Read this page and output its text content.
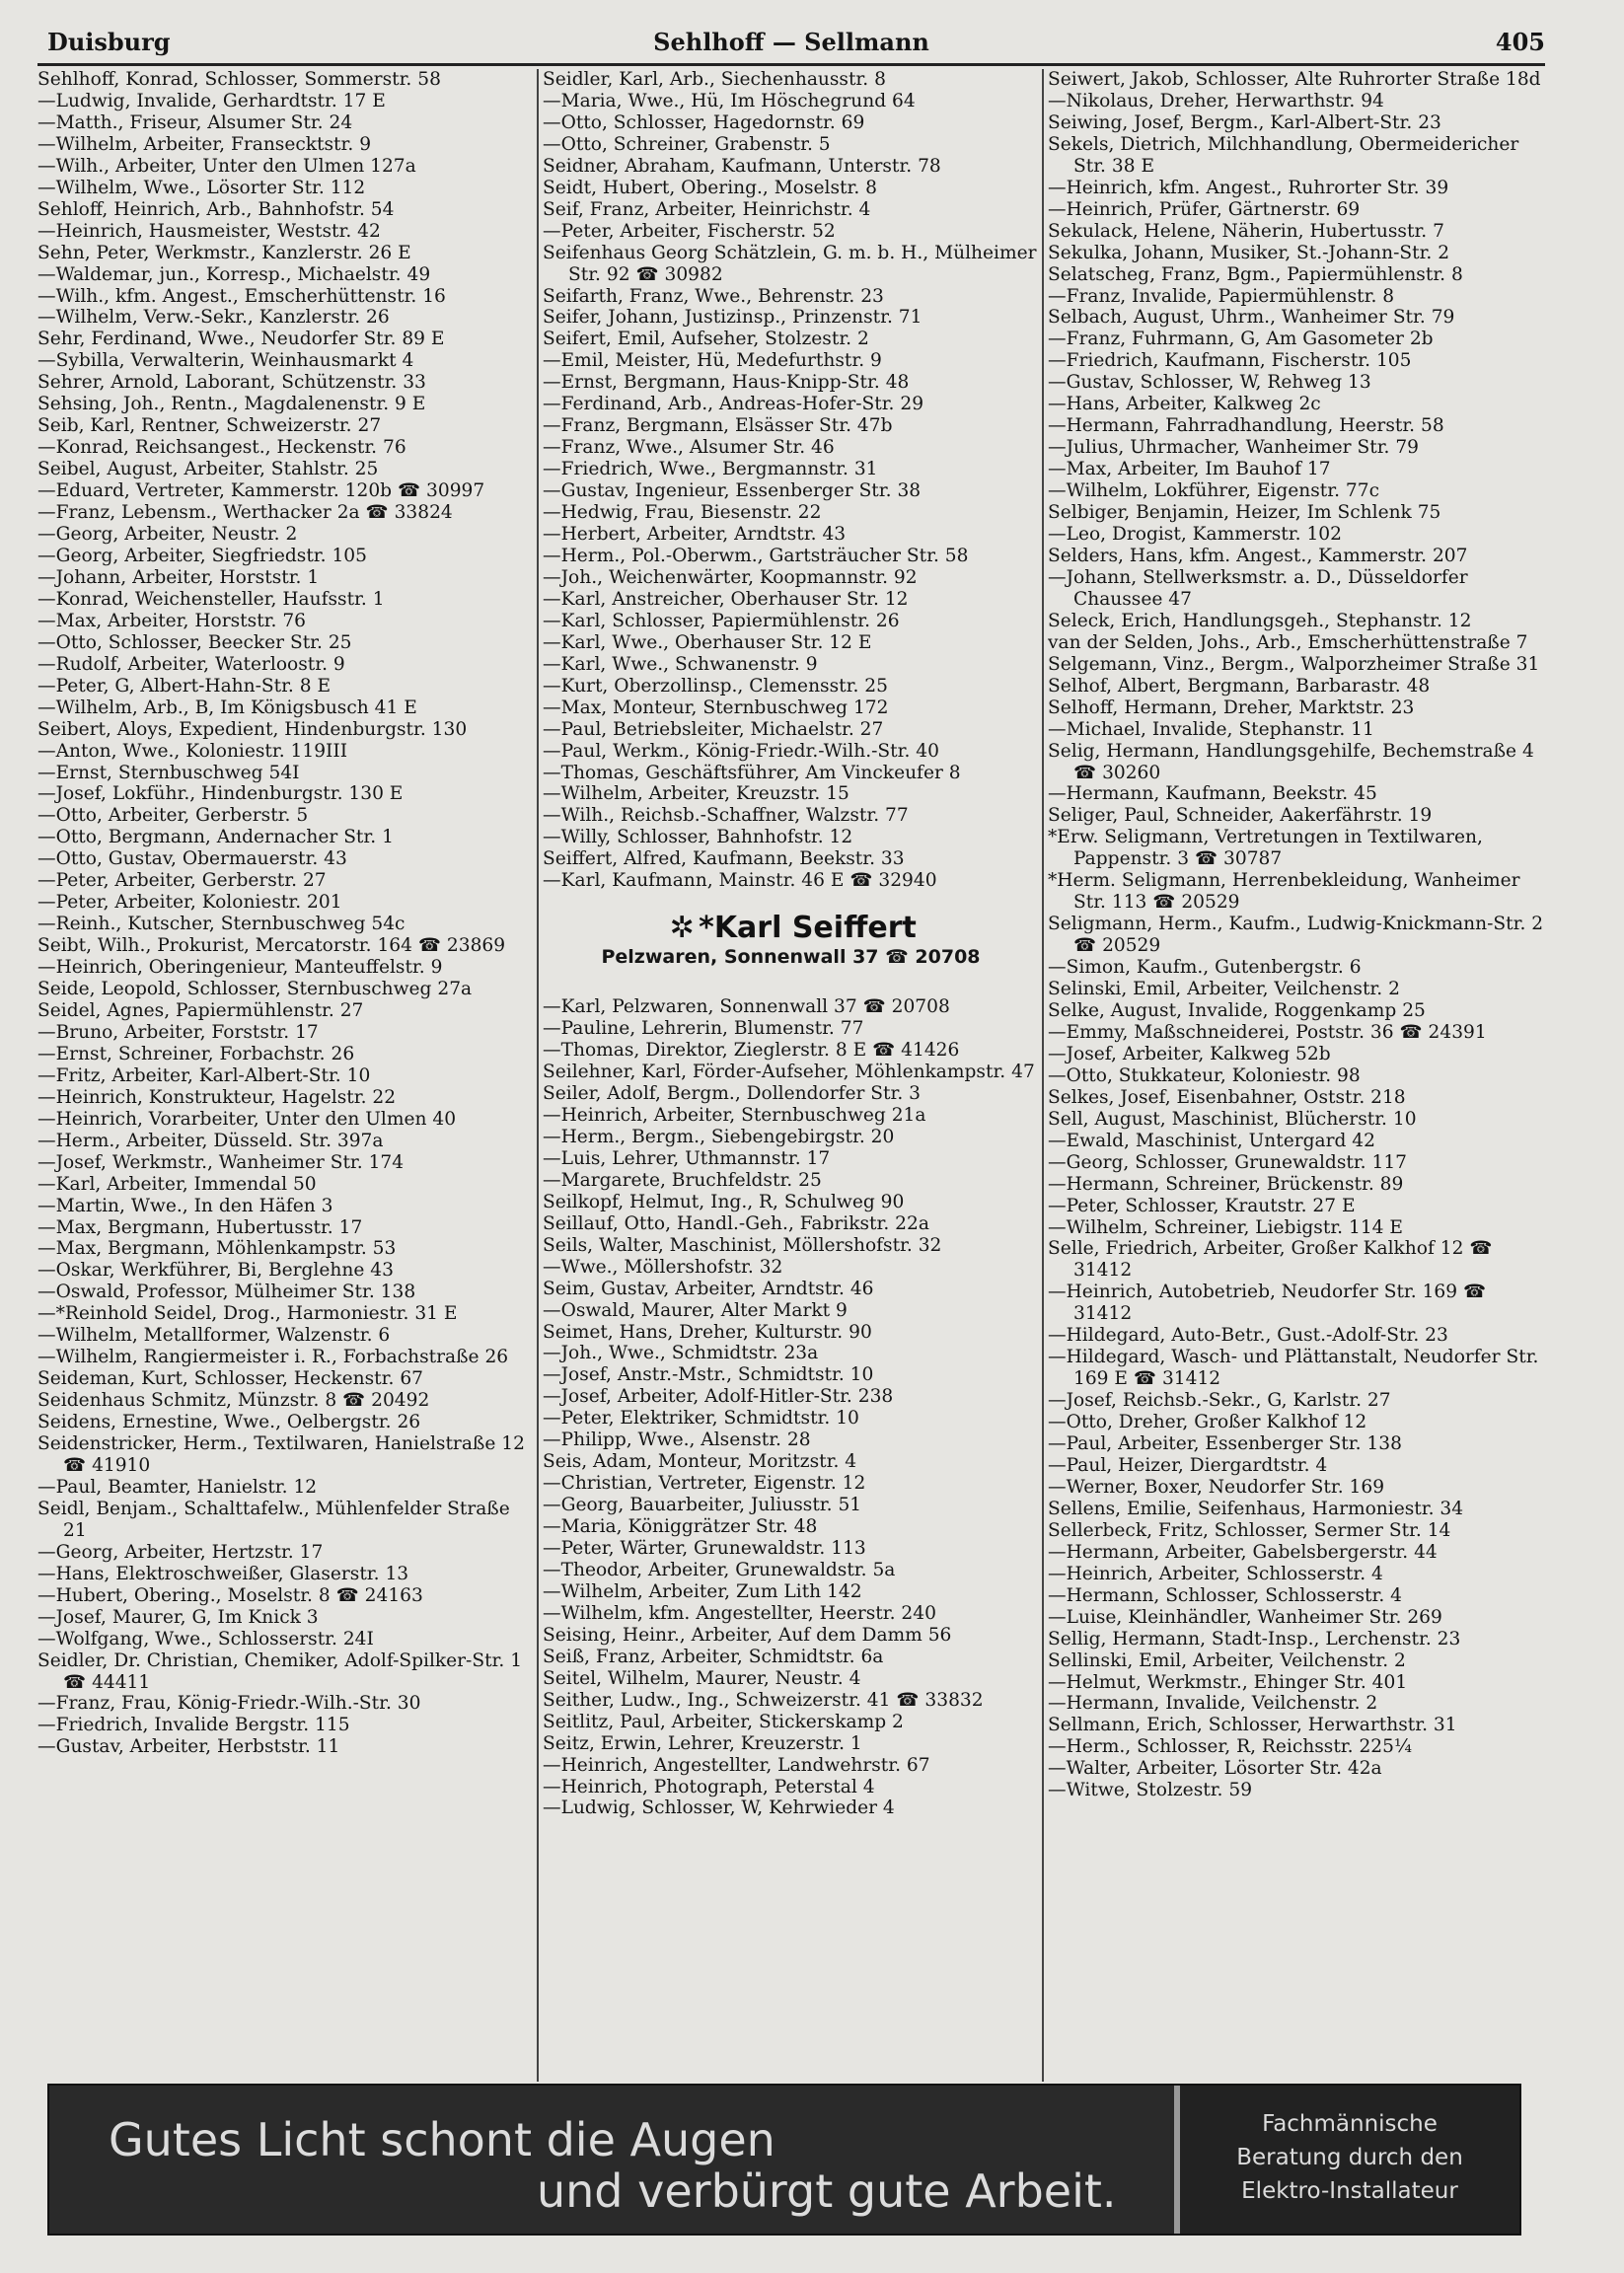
Duisburg	Sehlhoff — Sellmann	405

Sehlhoff, Konrad, Schlosser, Sommerstr. 58

—Ludwig, Invalide, Gerhardtstr. 17 E

—Matth., Friseur, Alsumer Str. 24

—Wilhelm, Arbeiter, Fransecktstr. 9

—Wilh., Arbeiter, Unter den Ulmen 127a

—Wilhelm, Wwe., Lösorter Str. 112

Sehloff, Heinrich, Arb., Bahnhofstr. 54

—Heinrich, Hausmeister, Weststr. 42

Sehn, Peter, Werkmstr., Kanzlerstr. 26 E

—Waldemar, jun., Korresp., Michaelstr. 49

—Wilh., kfm. Angest., Emscherhüttenstr. 16

—Wilhelm, Verw.-Sekr., Kanzlerstr. 26

Sehr, Ferdinand, Wwe., Neudorfer Str. 89 E

—Sybilla, Verwalterin, Weinhausmarkt 4

Sehrer, Arnold, Laborant, Schützenstr. 33

Sehsing, Joh., Rentn., Magdalenenstr. 9 E

Seib, Karl, Rentner, Schweizerstr. 27

—Konrad, Reichsangest., Heckenstr. 76

Seibel, August, Arbeiter, Stahlstr. 25

—Eduard, Vertreter, Kammerstr. 120b ☎ 30997

—Franz, Lebensm., Werthacker 2a ☎ 33824

—Georg, Arbeiter, Neustr. 2

—Georg, Arbeiter, Siegfriedstr. 105

—Johann, Arbeiter, Horststr. 1

—Konrad, Weichensteller, Haufsstr. 1

—Max, Arbeiter, Horststr. 76

—Otto, Schlosser, Beecker Str. 25

—Rudolf, Arbeiter, Waterloostr. 9

—Peter, G, Albert-Hahn-Str. 8 E

—Wilhelm, Arb., B, Im Königsbusch 41 E

Seibert, Aloys, Expedient, Hindenburgstr. 130

—Anton, Wwe., Koloniestr. 119III

—Ernst, Sternbuschweg 54I

—Josef, Lokführ., Hindenburgstr. 130 E

—Otto, Arbeiter, Gerberstr. 5

—Otto, Bergmann, Andernacher Str. 1

—Otto, Gustav, Obermauerstr. 43

—Peter, Arbeiter, Gerberstr. 27

—Peter, Arbeiter, Koloniestr. 201

—Reinh., Kutscher, Sternbuschweg 54c

Seibt, Wilh., Prokurist, Mercatorstr. 164 ☎ 23869

—Heinrich, Oberingenieur, Manteuffelstr. 9

Seide, Leopold, Schlosser, Sternbuschweg 27a

Seidel, Agnes, Papiermühlenstr. 27

—Bruno, Arbeiter, Forststr. 17

—Ernst, Schreiner, Forbachstr. 26

—Fritz, Arbeiter, Karl-Albert-Str. 10

—Heinrich, Konstrukteur, Hagelstr. 22

—Heinrich, Vorarbeiter, Unter den Ulmen 40

—Herm., Arbeiter, Düsseld. Str. 397a

—Josef, Werkmstr., Wanheimer Str. 174

—Karl, Arbeiter, Immendal 50

—Martin, Wwe., In den Häfen 3

—Max, Bergmann, Hubertusstr. 17

—Max, Bergmann, Möhlenkampstr. 53

—Oskar, Werkführer, Bi, Berglehne 43

—Oswald, Professor, Mülheimer Str. 138

—*Reinhold Seidel, Drog., Harmoniestr. 31 E

—Wilhelm, Metallformer, Walzenstr. 6

—Wilhelm, Rangiermeister i. R., Forbachstraße 26

Seideman, Kurt, Schlosser, Heckenstr. 67

Seidenhaus Schmitz, Münzstr. 8 ☎ 20492

Seidens, Ernestine, Wwe., Oelbergstr. 26

Seidenstricker, Herm., Textilwaren, Hanielstraße 12 ☎ 41910

—Paul, Beamter, Hanielstr. 12

Seidl, Benjam., Schalttafelw., Mühlenfelder Straße 21

—Georg, Arbeiter, Hertzstr. 17

—Hans, Elektroschweißer, Glaserstr. 13

—Hubert, Obering., Moselstr. 8 ☎ 24163

—Josef, Maurer, G, Im Knick 3

—Wolfgang, Wwe., Schlosserstr. 24I

Seidler, Dr. Christian, Chemiker, Adolf-Spilker-Str. 1 ☎ 44411

—Franz, Frau, König-Friedr.-Wilh.-Str. 30

—Friedrich, Invalide Bergstr. 115

—Gustav, Arbeiter, Herbststr. 11

Seidler, Karl, Arb., Siechenhausstr. 8

—Maria, Wwe., Hü, Im Höschegrund 64

—Otto, Schlosser, Hagedornstr. 69

—Otto, Schreiner, Grabenstr. 5

Seidner, Abraham, Kaufmann, Unterstr. 78

Seidt, Hubert, Obering., Moselstr. 8

Seif, Franz, Arbeiter, Heinrichstr. 4

—Peter, Arbeiter, Fischerstr. 52

Seifenhaus Georg Schätzlein, G. m. b. H., Mülheimer Str. 92 ☎ 30982

Seifarth, Franz, Wwe., Behrenstr. 23

Seifer, Johann, Justizinsp., Prinzenstr. 71

Seifert, Emil, Aufseher, Stolzestr. 2

—Emil, Meister, Hü, Medefurthstr. 9

—Ernst, Bergmann, Haus-Knipp-Str. 48

—Ferdinand, Arb., Andreas-Hofer-Str. 29

—Franz, Bergmann, Elsässer Str. 47b

—Franz, Wwe., Alsumer Str. 46

—Friedrich, Wwe., Bergmannstr. 31

—Gustav, Ingenieur, Essenberger Str. 38

—Hedwig, Frau, Biesenstr. 22

—Herbert, Arbeiter, Arndtstr. 43

—Herm., Pol.-Oberwm., Gartsträucher Str. 58

—Joh., Weichenwärter, Koopmannstr. 92

—Karl, Anstreicher, Oberhauser Str. 12

—Karl, Schlosser, Papiermühlenstr. 26

—Karl, Wwe., Oberhauser Str. 12 E

—Karl, Wwe., Schwanenstr. 9

—Kurt, Oberzollinsp., Clemensstr. 25

—Max, Monteur, Sternbuschweg 172

—Paul, Betriebsleiter, Michaelstr. 27

—Paul, Werkm., König-Friedr.-Wilh.-Str. 40

—Thomas, Geschäftsführer, Am Vinckeufer 8

—Wilhelm, Arbeiter, Kreuzstr. 15

—Wilh., Reichsb.-Schaffner, Walzstr. 77

—Willy, Schlosser, Bahnhofstr. 12

Seiffert, Alfred, Kaufmann, Beekstr. 33

—Karl, Kaufmann, Mainstr. 46 E ☎ 32940

✲ *Karl Seiffert
Pelzwaren, Sonnenwall 37 ☎ 20708

—Karl, Pelzwaren, Sonnenwall 37 ☎ 20708

—Pauline, Lehrerin, Blumenstr. 77

—Thomas, Direktor, Zieglerstr. 8 E ☎ 41426

Seilehner, Karl, Förder-Aufseher, Möhlenkampstr. 47

Seiler, Adolf, Bergm., Dollendorfer Str. 3

—Heinrich, Arbeiter, Sternbuschweg 21a

—Herm., Bergm., Siebengebirgstr. 20

—Luis, Lehrer, Uthmannstr. 17

—Margarete, Bruchfeldstr. 25

Seilkopf, Helmut, Ing., R, Schulweg 90

Seillauf, Otto, Handl.-Geh., Fabrikstr. 22a

Seils, Walter, Maschinist, Möllershofstr. 32

—Wwe., Möllershofstr. 32

Seim, Gustav, Arbeiter, Arndtstr. 46

—Oswald, Maurer, Alter Markt 9

Seimet, Hans, Dreher, Kulturstr. 90

—Joh., Wwe., Schmidtstr. 23a

—Josef, Anstr.-Mstr., Schmidtstr. 10

—Josef, Arbeiter, Adolf-Hitler-Str. 238

—Peter, Elektriker, Schmidtstr. 10

—Philipp, Wwe., Alsenstr. 28

Seis, Adam, Monteur, Moritzstr. 4

—Christian, Vertreter, Eigenstr. 12

—Georg, Bauarbeiter, Juliusstr. 51

—Maria, Königgrätzer Str. 48

—Peter, Wärter, Grunewaldstr. 113

—Theodor, Arbeiter, Grunewaldstr. 5a

—Wilhelm, Arbeiter, Zum Lith 142

—Wilhelm, kfm. Angestellter, Heerstr. 240

Seising, Heinr., Arbeiter, Auf dem Damm 56

Seiß, Franz, Arbeiter, Schmidtstr. 6a

Seitel, Wilhelm, Maurer, Neustr. 4

Seither, Ludw., Ing., Schweizerstr. 41 ☎ 33832

Seitlitz, Paul, Arbeiter, Stickerskamp 2

Seitz, Erwin, Lehrer, Kreuzerstr. 1

—Heinrich, Angestellter, Landwehrstr. 67

—Heinrich, Photograph, Peterstal 4

—Ludwig, Schlosser, W, Kehrwieder 4

Seiwert, Jakob, Schlosser, Alte Ruhrorter Straße 18d

—Nikolaus, Dreher, Herwarthstr. 94

Seiwing, Josef, Bergm., Karl-Albert-Str. 23

Sekels, Dietrich, Milchhandlung, Obermeidericher Str. 38 E

—Heinrich, kfm. Angest., Ruhrorter Str. 39

—Heinrich, Prüfer, Gärtnerstr. 69

Sekulack, Helene, Näherin, Hubertusstr. 7

Sekulka, Johann, Musiker, St.-Johann-Str. 2

Selatscheg, Franz, Bgm., Papiermühlenstr. 8

—Franz, Invalide, Papiermühlenstr. 8

Selbach, August, Uhrm., Wanheimer Str. 79

—Franz, Fuhrmann, G, Am Gasometer 2b

—Friedrich, Kaufmann, Fischerstr. 105

—Gustav, Schlosser, W, Rehweg 13

—Hans, Arbeiter, Kalkweg 2c

—Hermann, Fahrradhandlung, Heerstr. 58

—Julius, Uhrmacher, Wanheimer Str. 79

—Max, Arbeiter, Im Bauhof 17

—Wilhelm, Lokführer, Eigenstr. 77c

Selbiger, Benjamin, Heizer, Im Schlenk 75

—Leo, Drogist, Kammerstr. 102

Selders, Hans, kfm. Angest., Kammerstr. 207

—Johann, Stellwerksmstr. a. D., Düsseldorfer Chaussee 47

Seleck, Erich, Handlungsgeh., Stephanstr. 12

van der Selden, Johs., Arb., Emscherhüttenstraße 7

Selgemann, Vinz., Bergm., Walporzheimer Straße 31

Selhof, Albert, Bergmann, Barbarastr. 48

Selhoff, Hermann, Dreher, Marktstr. 23

—Michael, Invalide, Stephanstr. 11

Selig, Hermann, Handlungsgehilfe, Bechemstraße 4 ☎ 30260

—Hermann, Kaufmann, Beekstr. 45

Seliger, Paul, Schneider, Aakerfährstr. 19

*Erw. Seligmann, Vertretungen in Textilwaren, Pappenstr. 3 ☎ 30787

*Herm. Seligmann, Herrenbekleidung, Wanheimer Str. 113 ☎ 20529

Seligmann, Herm., Kaufm., Ludwig-Knickmann-Str. 2 ☎ 20529

—Simon, Kaufm., Gutenbergstr. 6

Selinski, Emil, Arbeiter, Veilchenstr. 2

Selke, August, Invalide, Roggenkamp 25

—Emmy, Maßschneiderei, Poststr. 36 ☎ 24391

—Josef, Arbeiter, Kalkweg 52b

—Otto, Stukkateur, Koloniestr. 98

Selkes, Josef, Eisenbahner, Oststr. 218

Sell, August, Maschinist, Blücherstr. 10

—Ewald, Maschinist, Untergard 42

—Georg, Schlosser, Grunewaldstr. 117

—Hermann, Schreiner, Brückenstr. 89

—Peter, Schlosser, Krautstr. 27 E

—Wilhelm, Schreiner, Liebigstr. 114 E

Selle, Friedrich, Arbeiter, Großer Kalkhof 12 ☎ 31412

—Heinrich, Autobetrieb, Neudorfer Str. 169 ☎ 31412

—Hildegard, Auto-Betr., Gust.-Adolf-Str. 23

—Hildegard, Wasch- und Plättanstalt, Neudorfer Str. 169 E ☎ 31412

—Josef, Reichsb.-Sekr., G, Karlstr. 27

—Otto, Dreher, Großer Kalkhof 12

—Paul, Arbeiter, Essenberger Str. 138

—Paul, Heizer, Diergardtstr. 4

—Werner, Boxer, Neudorfer Str. 169

Sellens, Emilie, Seifenhaus, Harmoniestr. 34

Sellerbeck, Fritz, Schlosser, Sermer Str. 14

—Hermann, Arbeiter, Gabelsbergerstr. 44

—Heinrich, Arbeiter, Schlosserstr. 4

—Hermann, Schlosser, Schlosserstr. 4

—Luise, Kleinhändler, Wanheimer Str. 269

Sellig, Hermann, Stadt-Insp., Lerchenstr. 23

Sellinski, Emil, Arbeiter, Veilchenstr. 2

—Helmut, Werkmstr., Ehinger Str. 401

—Hermann, Invalide, Veilchenstr. 2

Sellmann, Erich, Schlosser, Herwarthstr. 31

—Herm., Schlosser, R, Reichsstr. 225¼

—Walter, Arbeiter, Lösorter Str. 42a

—Witwe, Stolzestr. 59

Gutes Licht schont die Augen
und verbürgt gute Arbeit.
Fachmännische
Beratung durch den
Elektro-Installateur
